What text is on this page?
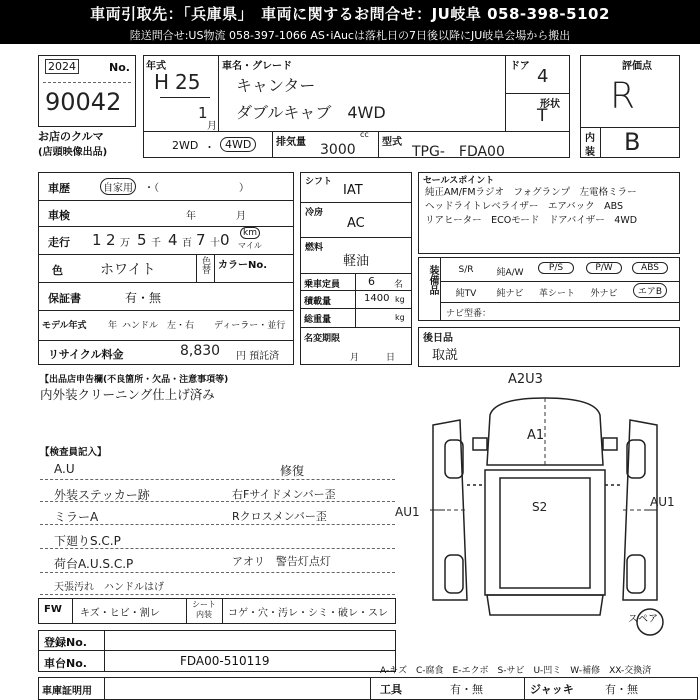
車両引取先：「兵庫県」　車両に関するお問合せ：JU岐阜 058-398-5102
陸送問合せ:US物流 058-397-1066 AS･iAucは落札日の7日後以降にJU岐阜会場から搬出
2024	No.
90042
お店のクルマ
(店頭映像出品)
年式
H 25
1
月
車名・グレード
キャンター
ダブルキャブ　4WD
ドア 4
形状
T
2WD ・ 4WD	排気量
cc
3000	型式
TPG-　FDA00
評価点
R
内
装 B
車歴	自家用	・（　　　　　　　　）
車検	年　　　　月
走行 1 2 万 5 千 4 百 7 十 0	km
マイル
色	ホワイト	色替 カラーNo.
保証書	有・無
モデル年式 年 ハンドル　左・右 ディーラー・並行
リサイクル料金	8,830 円 預託済
シフト
IAT
冷房
AC
燃料
軽油
乗車定員	6 名
積載量	1400 kg
総重量	kg
名変期限
月　　　日
セールスポイント
純正AM/FMラジオ　フォグランプ　左電格ミラー
ヘッドライトレベライザー　エアバック　ABS
リアヒーター　ECOモード　ドアバイザー　4WD
装備品	S/R	純A/W	P/S	P/W	ABS
純TV	純ナビ	革シート	外ナビ	エアB
ナビ型番：
後日品
取説
【出品店申告欄(不良箇所・欠品・注意事項等)
内外装クリーニング仕上げ済み
【検査員記入】
A.U
外装ステッカー跡
ミラーA
下廻りS.C.P
荷台A.U.S.C.P
天張汚れ　ハンドルはげ
修復
右Fサイドメンバー歪
Rクロスメンバー歪
アオリ　警告灯点灯
A2U3
A1
AU1
AU1
S2
スペア
FW キズ・ヒビ・割レ
シート内装	コゲ・穴・汚レ・シミ・破レ・スレ
登録No.
車台No.	FDA00-510119
A-キズ　C-腐食　E-エクボ　S-サビ　U-凹ミ　W-補修　XX-交換済
車庫証明用	工具	有・無	ジャッキ	有・無
